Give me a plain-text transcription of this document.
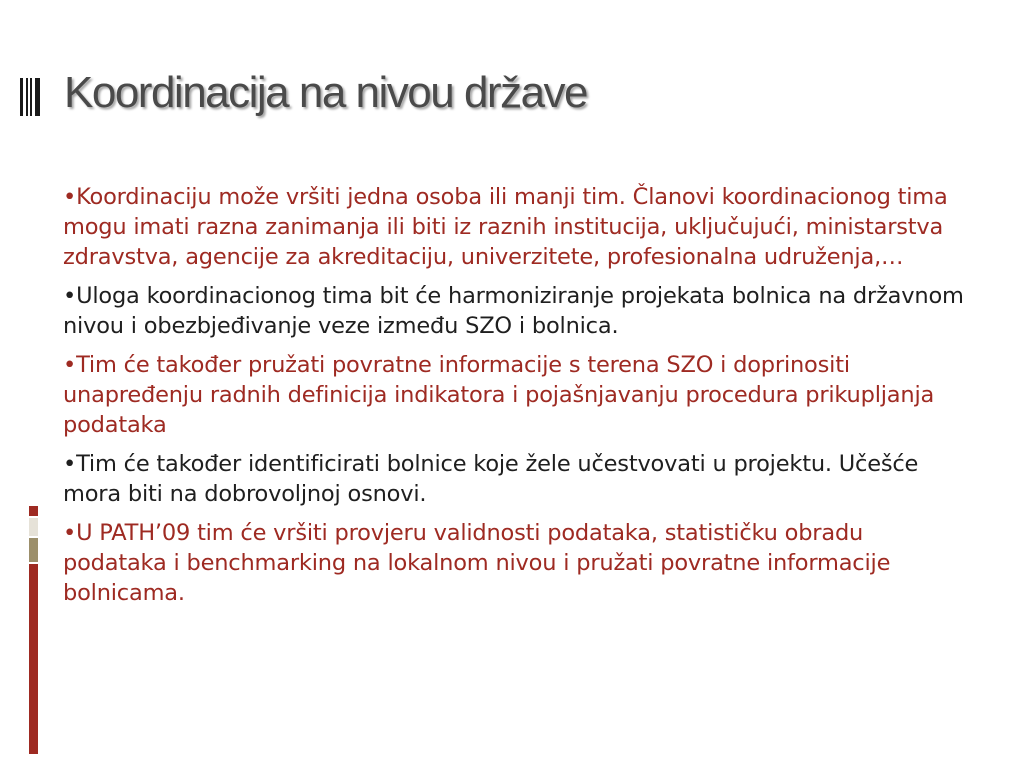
Koordinacija na nivou države

•Koordinaciju može vršiti jedna osoba ili manji tim. Članovi koordinacionog tima mogu imati razna zanimanja ili biti iz raznih institucija, uključujući, ministarstva zdravstva, agencije za akreditaciju, univerzitete, profesionalna udruženja,…

•Uloga koordinacionog tima bit će harmoniziranje projekata bolnica na državnom nivou i obezbjeđivanje veze između SZO i bolnica.

•Tim će također pružati povratne informacije s terena SZO i doprinositi unapređenju radnih definicija indikatora i pojašnjavanju procedura prikupljanja podataka

•Tim će također identificirati bolnice koje žele učestvovati u projektu. Učešće mora biti na dobrovoljnoj osnovi.

•U PATH’09 tim će vršiti provjeru validnosti podataka, statističku obradu podataka i benchmarking na lokalnom nivou i pružati povratne informacije bolnicama.
